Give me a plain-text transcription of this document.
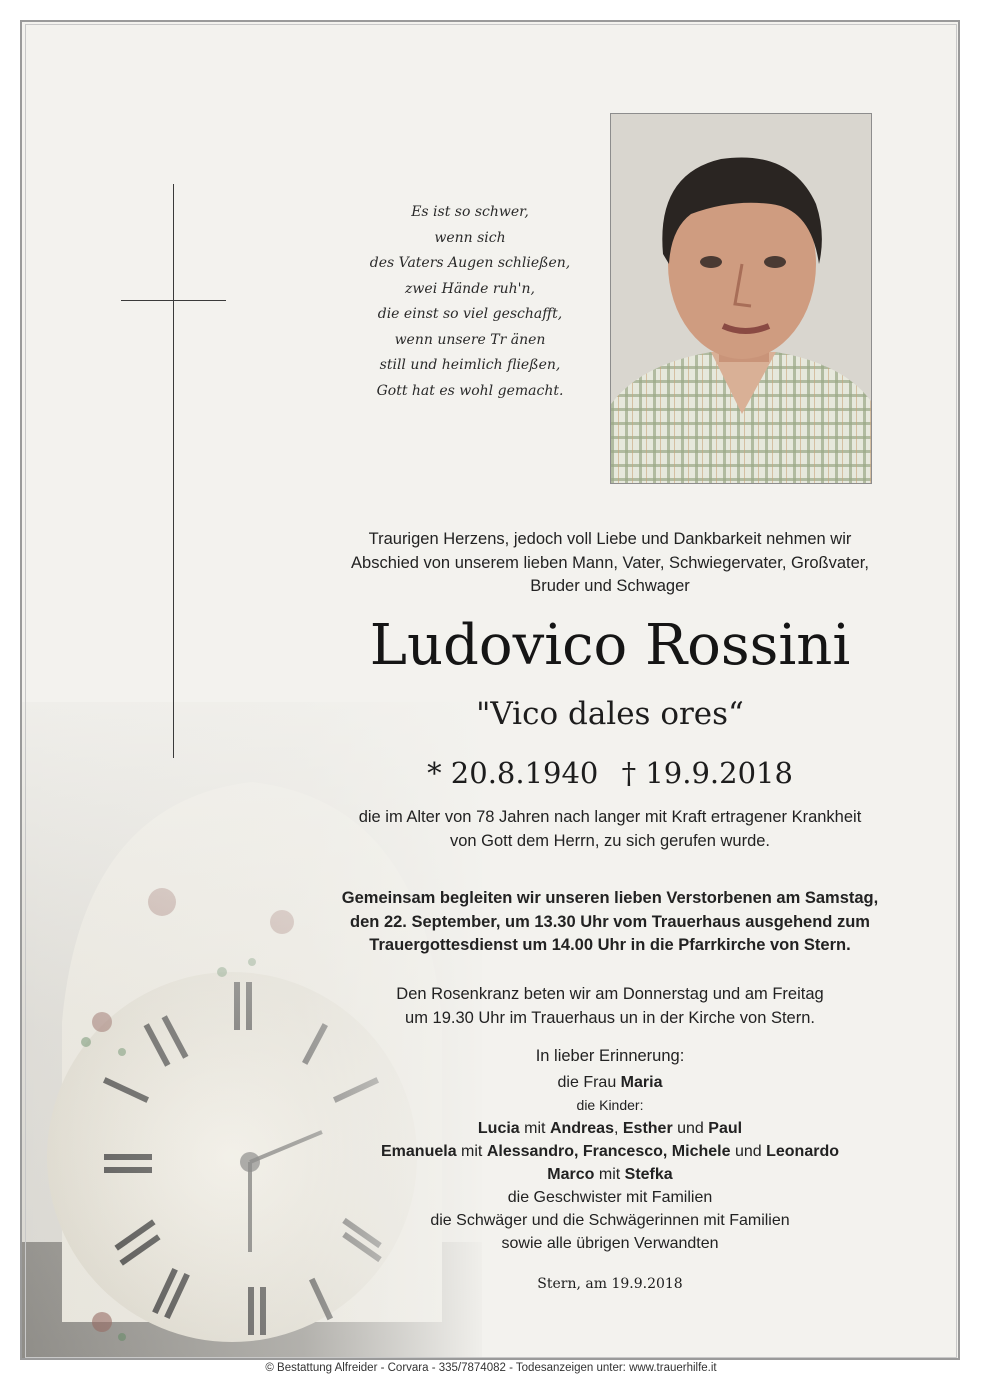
Es ist so schwer,
wenn sich
des Vaters Augen schließen,
zwei Hände ruh'n,
die einst so viel geschafft,
wenn unsere Tr änen
still und heimlich fließen,
Gott hat es wohl gemacht.
Traurigen Herzens, jedoch voll Liebe und Dankbarkeit nehmen wir
Abschied von unserem lieben Mann, Vater, Schwiegervater, Großvater,
Bruder und Schwager
Ludovico Rossini
"Vico dales ores“
* 20.8.1940 † 19.9.2018
die im Alter von 78 Jahren nach langer mit Kraft ertragener Krankheit
von Gott dem Herrn, zu sich gerufen wurde.
Gemeinsam begleiten wir unseren lieben Verstorbenen am Samstag,
den 22. September, um 13.30 Uhr vom Trauerhaus ausgehend zum
Trauergottesdienst um 14.00 Uhr in die Pfarrkirche von Stern.
Den Rosenkranz beten wir am Donnerstag und am Freitag
um 19.30 Uhr im Trauerhaus un in der Kirche von Stern.
In lieber Erinnerung:
die Frau Maria
die Kinder:
Lucia mit Andreas, Esther und Paul
Emanuela mit Alessandro, Francesco, Michele und Leonardo
Marco mit Stefka
die Geschwister mit Familien
die Schwäger und die Schwägerinnen mit Familien
sowie alle übrigen Verwandten
Stern, am 19.9.2018
© Bestattung Alfreider - Corvara - 335/7874082 - Todesanzeigen unter: www.trauerhilfe.it
